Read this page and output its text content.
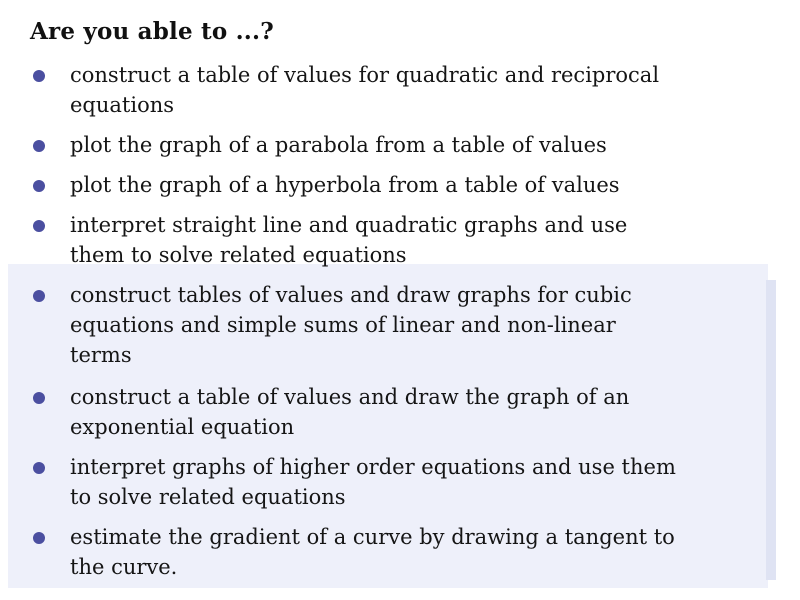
Are you able to ...?
construct a table of values for quadratic and reciprocal
equations
plot the graph of a parabola from a table of values
plot the graph of a hyperbola from a table of values
interpret straight line and quadratic graphs and use
them to solve related equations
construct tables of values and draw graphs for cubic
equations and simple sums of linear and non-linear
terms
construct a table of values and draw the graph of an
exponential equation
interpret graphs of higher order equations and use them
to solve related equations
estimate the gradient of a curve by drawing a tangent to
the curve.
